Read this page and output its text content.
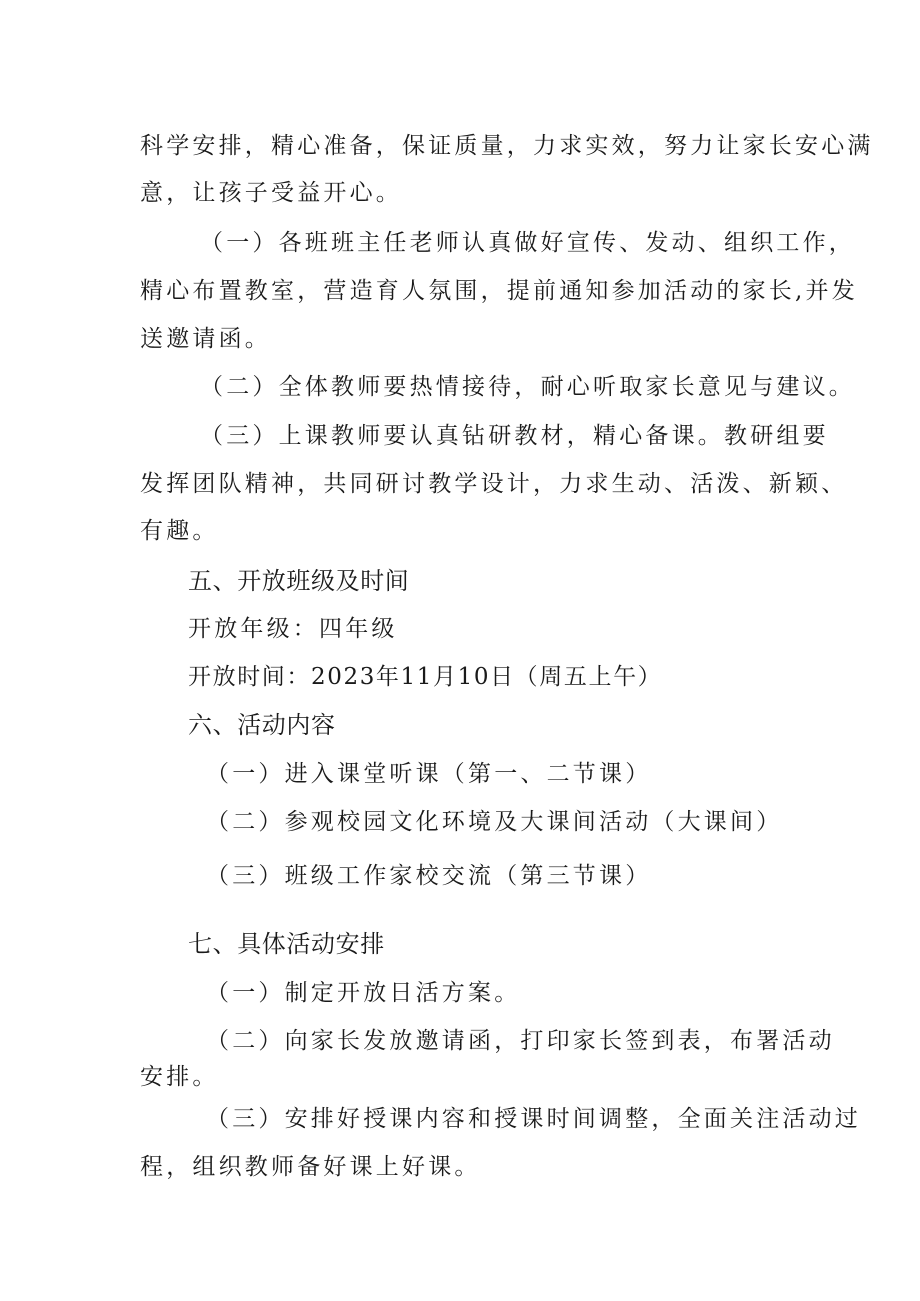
科学安排，精心准备，保证质量，力求实效，努力让家长安心满
意，让孩子受益开心。
（一）各班班主任老师认真做好宣传、发动、组织工作，
精心布置教室，营造育人氛围，提前通知参加活动的家长,并发
送邀请函。
（二）全体教师要热情接待，耐心听取家长意见与建议。
（三）上课教师要认真钻研教材，精心备课。教研组要
发挥团队精神，共同研讨教学设计，力求生动、活泼、新颖、
有趣。
五、开放班级及时间
开放年级：四年级
开放时间：2023年11月10日（周五上午）
六、活动内容
（一）进入课堂听课（第一、二节课）
（二）参观校园文化环境及大课间活动（大课间）
（三）班级工作家校交流（第三节课）
七、具体活动安排
（一）制定开放日活方案。
（二）向家长发放邀请函，打印家长签到表，布署活动
安排。
（三）安排好授课内容和授课时间调整，全面关注活动过
程，组织教师备好课上好课。
